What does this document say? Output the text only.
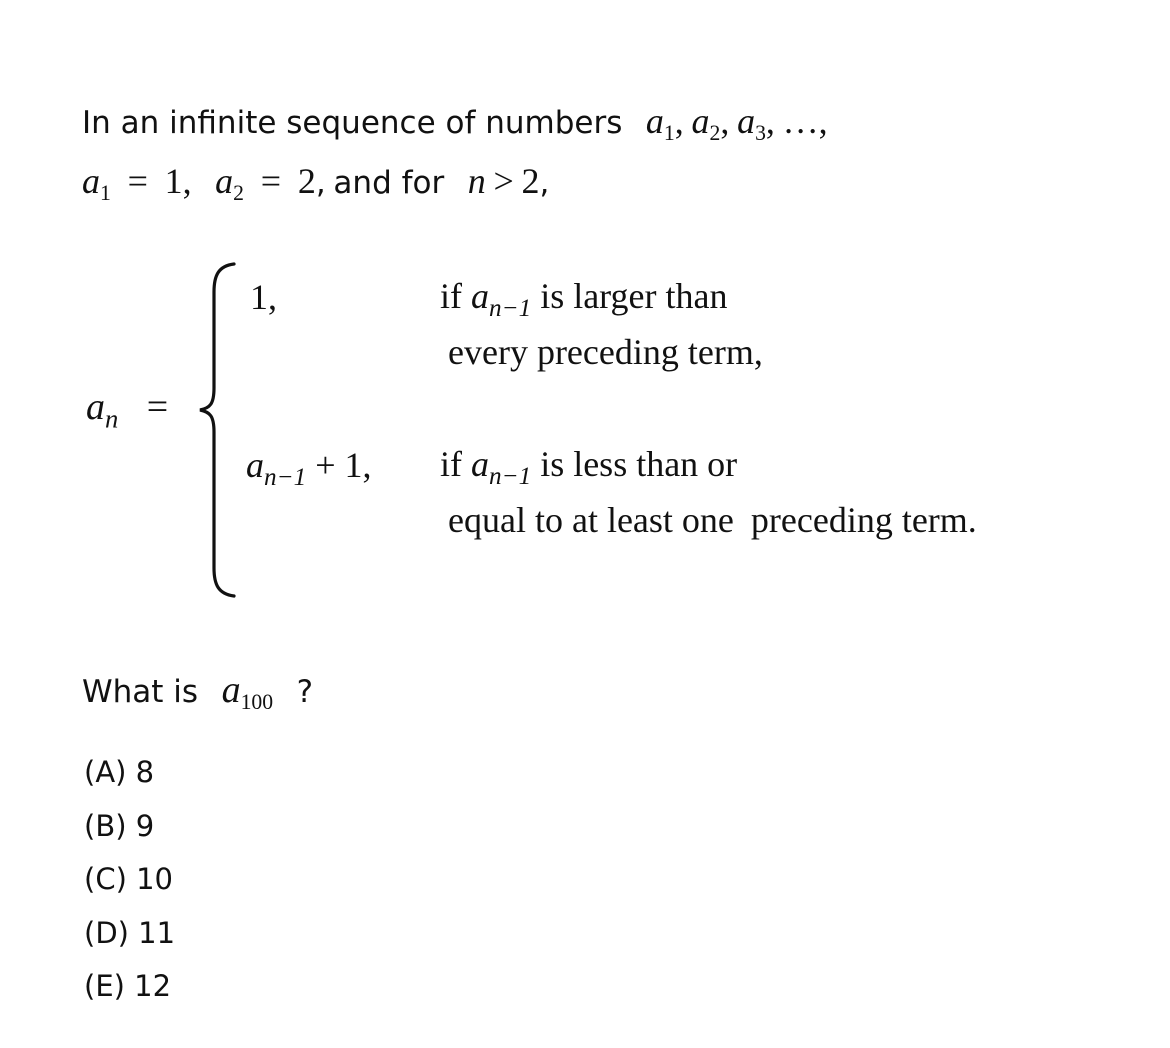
In an infinite sequence of numbers $a_1$, $a_2$, $a_3$, …,
$a_1 = 1$, $a_2 = 2$, and for n > 2,
$a_n$   =
1,	if $a_{n-1}$ is larger than
every preceding term,
$a_{n-1} + 1$, if $a_{n-1}$ is less than or
equal to at least one preceding term.
What is $a_{100}$ ?
(A) 8
(B) 9
(C) 10
(D) 11
(E) 12
